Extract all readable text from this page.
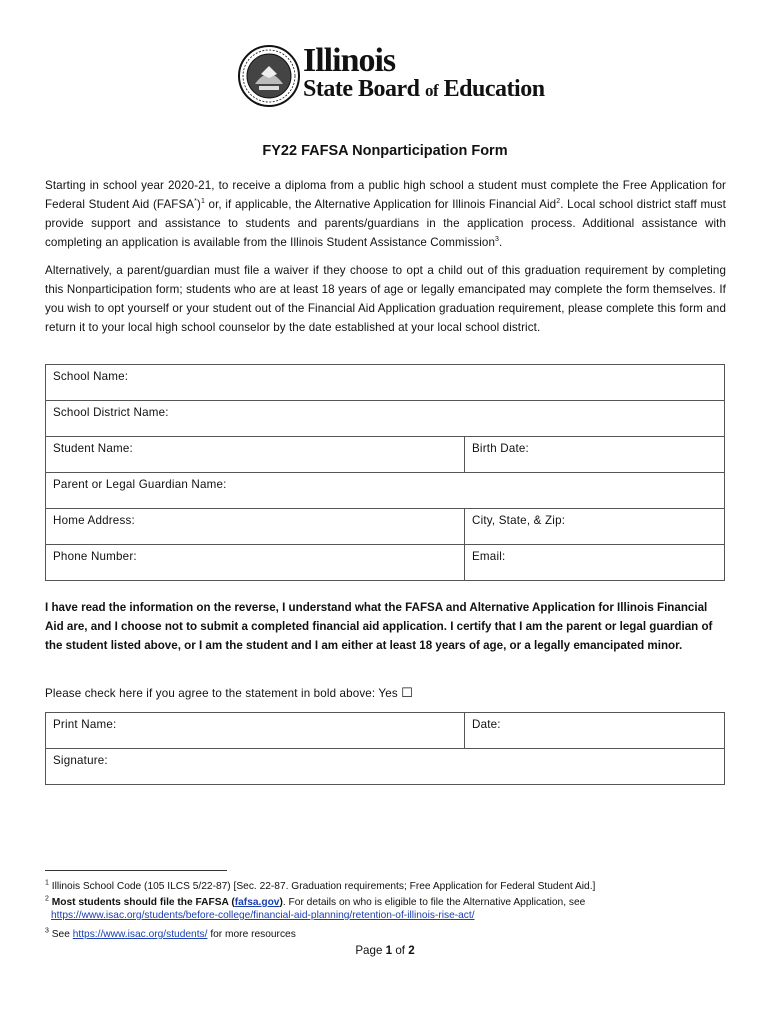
Illinois
State Board of Education
FY22 FAFSA Nonparticipation Form
Starting in school year 2020-21, to receive a diploma from a public high school a student must complete the Free Application for Federal Student Aid (FAFSA*)$^1$ or, if applicable, the Alternative Application for Illinois Financial Aid$^2$. Local school district staff must provide support and assistance to students and parents/guardians in the application process. Additional assistance with completing an application is available from the Illinois Student Assistance Commission$^3$.
Alternatively, a parent/guardian must file a waiver if they choose to opt a child out of this graduation requirement by completing this Nonparticipation form; students who are at least 18 years of age or legally emancipated may complete the form themselves. If you wish to opt yourself or your student out of the Financial Aid Application graduation requirement, please complete this form and return it to your local high school counselor by the date established at your local school district.
School Name:	
School District Name:	
Student Name:	Birth Date:
Parent or Legal Guardian Name:	
Home Address:	City, State, & Zip:
Phone Number:	Email:
I have read the information on the reverse, I understand what the FAFSA and Alternative Application for Illinois Financial Aid are, and I choose not to submit a completed financial aid application. I certify that I am the parent or legal guardian of the student listed above, or I am the student and I am either at least 18 years of age, or a legally emancipated minor.
Please check here if you agree to the statement in bold above: Yes ☐
Print Name:	Date:
Signature:
$^1$ Illinois School Code (105 ILCS 5/22-87) [Sec. 22-87. Graduation requirements; Free Application for Federal Student Aid.]
$^2$ Most students should file the FAFSA (fafsa.gov). For details on who is eligible to file the Alternative Application, see
https://www.isac.org/students/before-college/financial-aid-planning/retention-of-illinois-rise-act/
$^3$ See https://www.isac.org/students/ for more resources
Page 1 of 2
